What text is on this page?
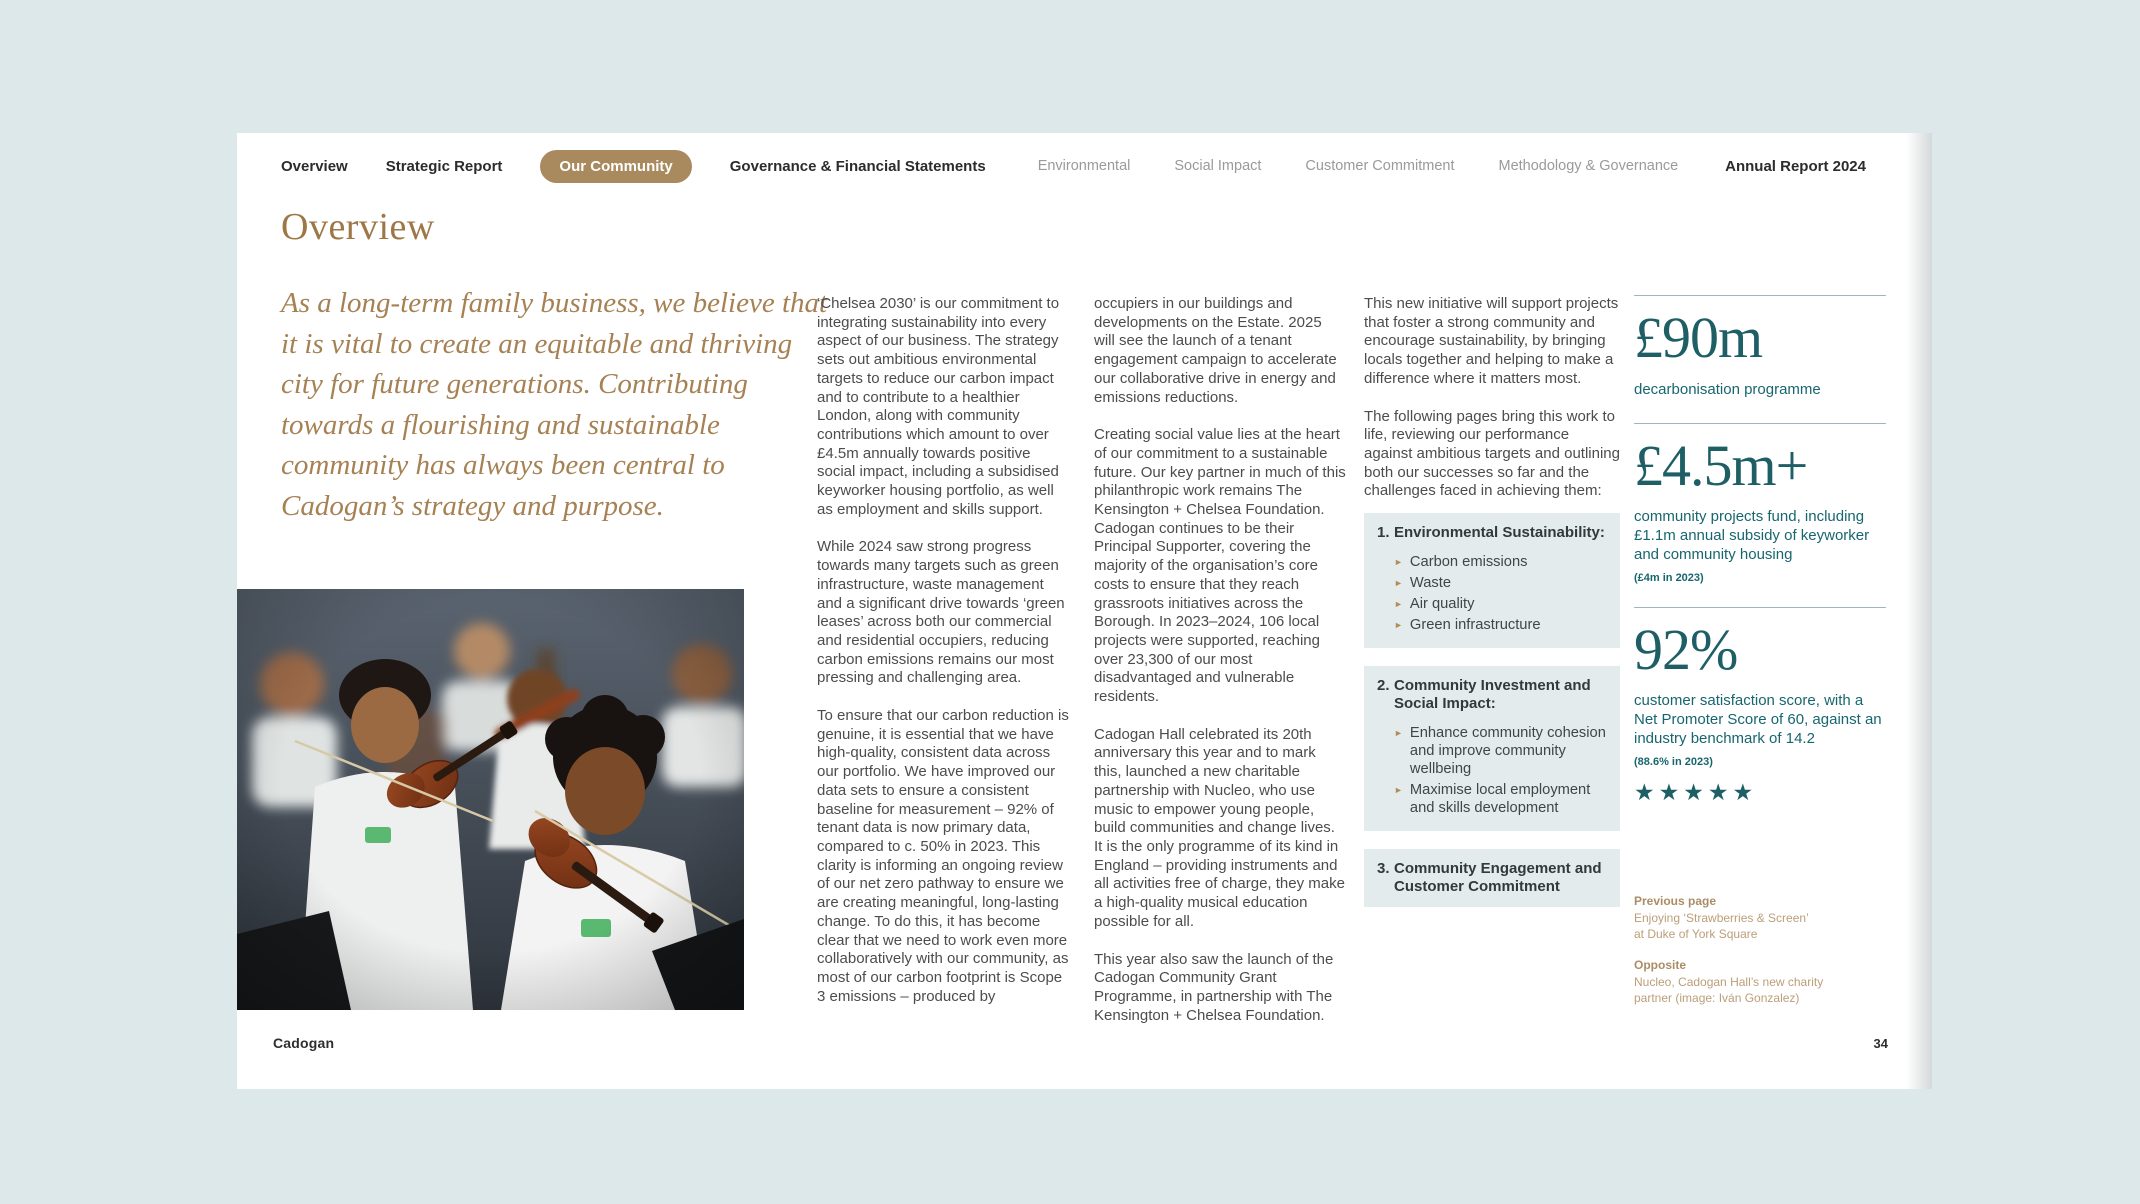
Overview	Strategic Report	Our Community	Governance & Financial Statements	Environmental	Social Impact	Customer Commitment	Methodology & Governance	Annual Report 2024
Overview

As a long-term family business, we believe that it is vital to create an equitable and thriving city for future generations. Contributing towards a flourishing and sustainable community has always been central to Cadogan’s strategy and purpose.

‘Chelsea 2030’ is our commitment to integrating sustainability into every aspect of our business. The strategy sets out ambitious environmental targets to reduce our carbon impact and to contribute to a healthier London, along with community contributions which amount to over £4.5m annually towards positive social impact, including a subsidised keyworker housing portfolio, as well as employment and skills support.

While 2024 saw strong progress towards many targets such as green infrastructure, waste management and a significant drive towards ‘green leases’ across both our commercial and residential occupiers, reducing carbon emissions remains our most pressing and challenging area.

To ensure that our carbon reduction is genuine, it is essential that we have high-quality, consistent data across our portfolio. We have improved our data sets to ensure a consistent baseline for measurement – 92% of tenant data is now primary data, compared to c. 50% in 2023. This clarity is informing an ongoing review of our net zero pathway to ensure we are creating meaningful, long-lasting change. To do this, it has become clear that we need to work even more collaboratively with our community, as most of our carbon footprint is Scope 3 emissions – produced by

occupiers in our buildings and developments on the Estate. 2025 will see the launch of a tenant engagement campaign to accelerate our collaborative drive in energy and emissions reductions.

Creating social value lies at the heart of our commitment to a sustainable future. Our key partner in much of this philanthropic work remains The Kensington + Chelsea Foundation. Cadogan continues to be their Principal Supporter, covering the majority of the organisation’s core costs to ensure that they reach grassroots initiatives across the Borough. In 2023–2024, 106 local projects were supported, reaching over 23,300 of our most disadvantaged and vulnerable residents.

Cadogan Hall celebrated its 20th anniversary this year and to mark this, launched a new charitable partnership with Nucleo, who use music to empower young people, build communities and change lives. It is the only programme of its kind in England – providing instruments and all activities free of charge, they make a high-quality musical education possible for all.

This year also saw the launch of the Cadogan Community Grant Programme, in partnership with The Kensington + Chelsea Foundation.

This new initiative will support projects that foster a strong community and encourage sustainability, by bringing locals together and helping to make a difference where it matters most.

The following pages bring this work to life, reviewing our performance against ambitious targets and outlining both our successes so far and the challenges faced in achieving them:

1. Environmental Sustainability:
► Carbon emissions
► Waste
► Air quality
► Green infrastructure
2. Community Investment and Social Impact:
► Enhance community cohesion and improve community wellbeing
► Maximise local employment and skills development
3. Community Engagement and Customer Commitment
£90m

decarbonisation programme

£4.5m+

community projects fund, including £1.1m annual subsidy of keyworker and community housing

(£4m in 2023)

92%

customer satisfaction score, with a Net Promoter Score of 60, against an industry benchmark of 14.2

(88.6% in 2023)

★★★★★

Previous page

Enjoying ‘Strawberries & Screen’

at Duke of York Square

Opposite

Nucleo, Cadogan Hall’s new charity

partner (image: Iván Gonzalez)

Cadogan	34
